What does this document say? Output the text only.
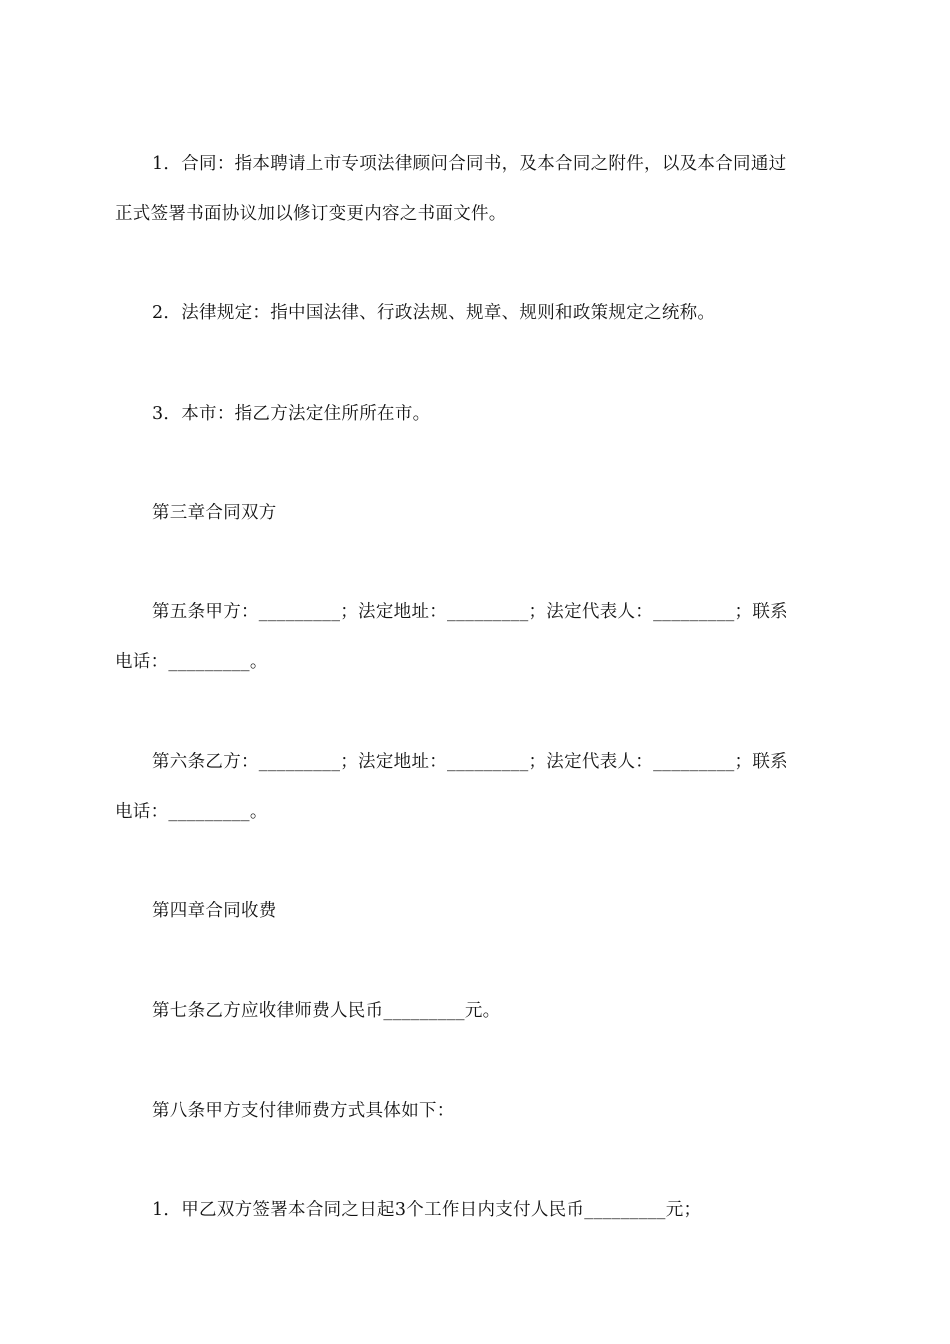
1．合同：指本聘请上市专项法律顾问合同书，及本合同之附件，以及本合同通过
正式签署书面协议加以修订变更内容之书面文件。
2．法律规定：指中国法律、行政法规、规章、规则和政策规定之统称。
3．本市：指乙方法定住所所在市。
第三章合同双方
第五条甲方：_________；法定地址：_________；法定代表人：_________；联系
电话：_________。
第六条乙方：_________；法定地址：_________；法定代表人：_________；联系
电话：_________。
第四章合同收费
第七条乙方应收律师费人民币_________元。
第八条甲方支付律师费方式具体如下：
1．甲乙双方签署本合同之日起3个工作日内支付人民币_________元；
